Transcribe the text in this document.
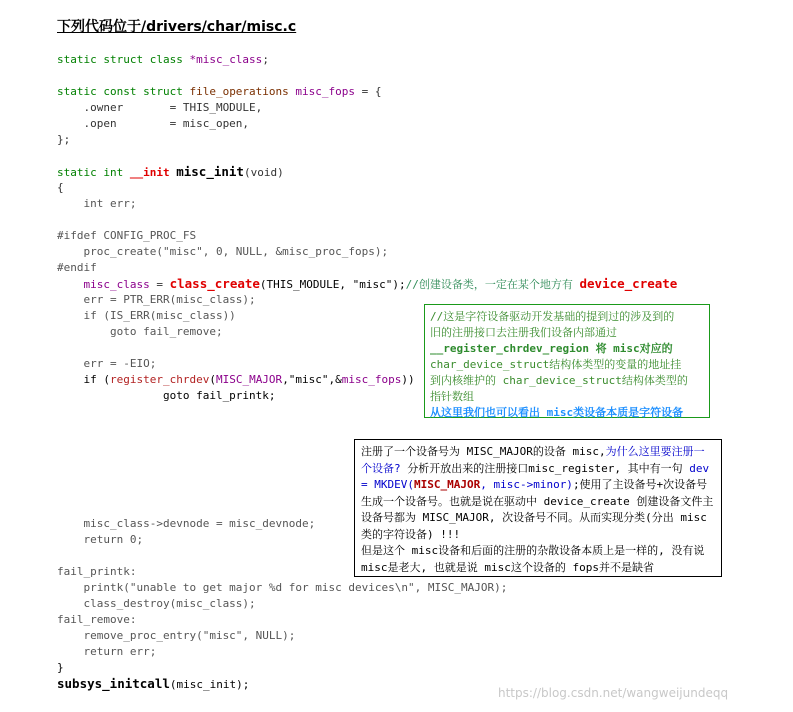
下列代码位于/drivers/char/misc.c
static struct class *misc_class;
static const struct file_operations misc_fops = {
.owner       = THIS_MODULE,
.open        = misc_open,
};
static int __init misc_init(void)
{
int err;
#ifdef CONFIG_PROC_FS
proc_create("misc", 0, NULL, &misc_proc_fops);
#endif
misc_class = class_create(THIS_MODULE, "misc");//创建设备类，一定在某个地方有 device_create
err = PTR_ERR(misc_class);
if (IS_ERR(misc_class))
goto fail_remove;
err = -EIO;
if (register_chrdev(MISC_MAJOR,"misc",&misc_fops))
goto fail_printk;
misc_class->devnode = misc_devnode;
return 0;
fail_printk:
printk("unable to get major %d for misc devices\n", MISC_MAJOR);
class_destroy(misc_class);
fail_remove:
remove_proc_entry("misc", NULL);
return err;
}
subsys_initcall(misc_init);
//这是字符设备驱动开发基础的提到过的涉及到的
旧的注册接口去注册我们设备内部通过
__register_chrdev_region 将 misc对应的
char_device_struct结构体类型的变量的地址挂
到内核维护的 char_device_struct结构体类型的
指针数组
从这里我们也可以看出 misc类设备本质是字符设备
注册了一个设备号为 MISC_MAJOR的设备 misc,为什么这里要注册一个设备? 分析开放出来的注册接口misc_register, 其中有一句 dev = MKDEV(MISC_MAJOR, misc->minor);使用了主设备号+次设备号生成一个设备号。也就是说在驱动中 device_create 创建设备文件主设备号都为 MISC_MAJOR, 次设备号不同。从而实现分类(分出 misc类的字符设备) !!!
但是这个 misc设备和后面的注册的杂散设备本质上是一样的, 没有说 misc是老大, 也就是说 misc这个设备的 fops并不是缺省
https://blog.csdn.net/wangweijundeqq
